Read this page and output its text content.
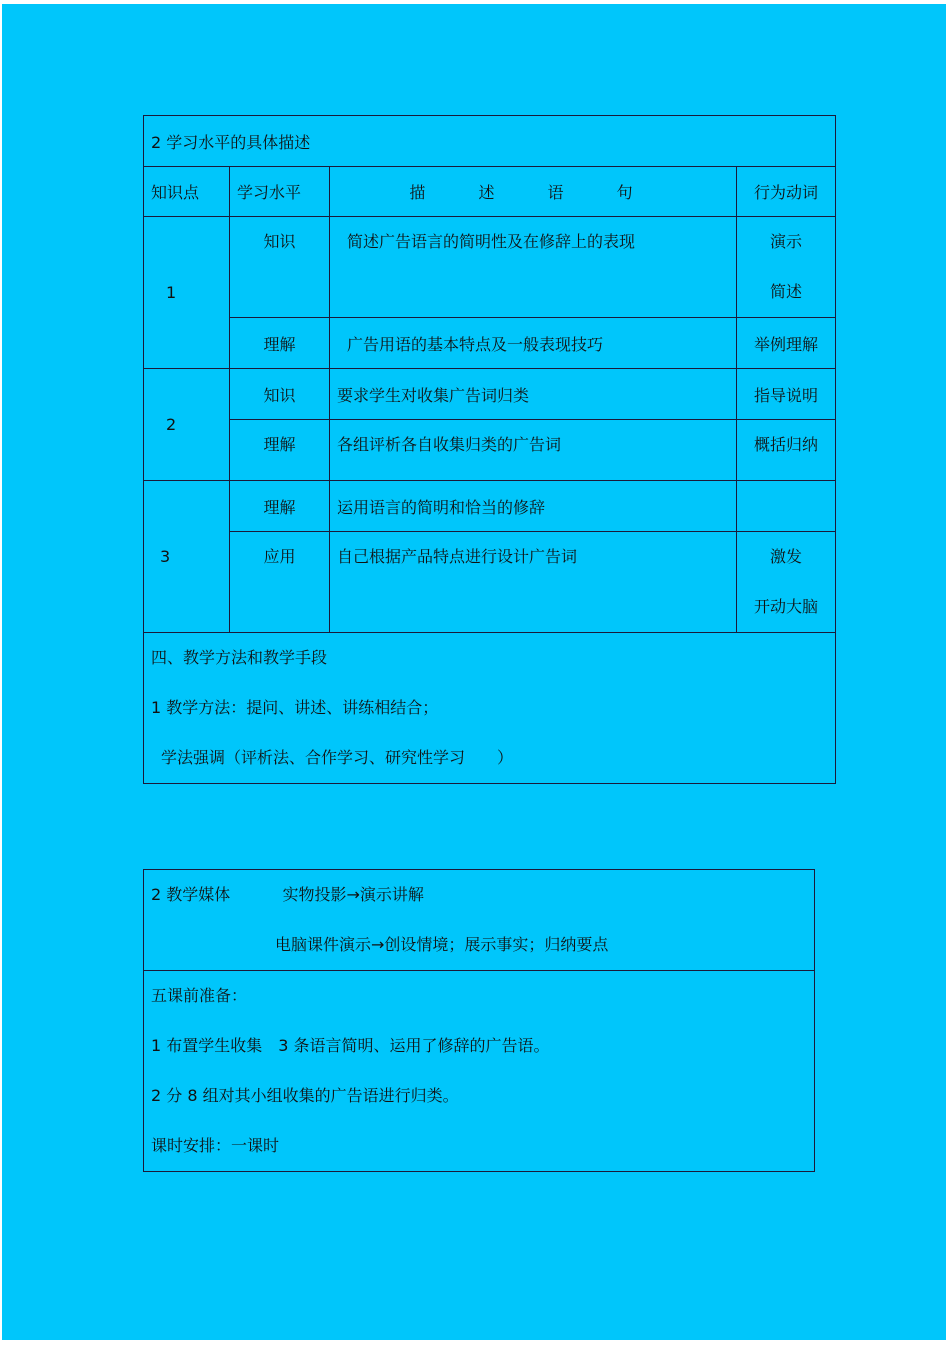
2 学习水平的具体描述			
知识点	学习水平	描 述 语 句	行为动词
1	知识	简述广告语言的简明性及在修辞上的表现	演示
简述

	理解	广告用语的基本特点及一般表现技巧	举例理解
2	知识	要求学生对收集广告词归类	指导说明

	理解	各组评析各自收集归类的广告词	概括归纳

3	理解	运用语言的简明和恰当的修辞	

	应用	自己根据产品特点进行设计广告词	激发
开动大脑

四、教学方法和教学手段
1 教学方法：提问、讲述、讲练相结合；
学法强调（评析法、合作学习、研究性学习　　）			
2 教学媒体	实物投影→演示讲解
电脑课件演示→创设情境；展示事实；归纳要点

五课前准备：
1 布置学生收集　3 条语言简明、运用了修辞的广告语。
2 分 8 组对其小组收集的广告语进行归类。
课时安排：一课时
